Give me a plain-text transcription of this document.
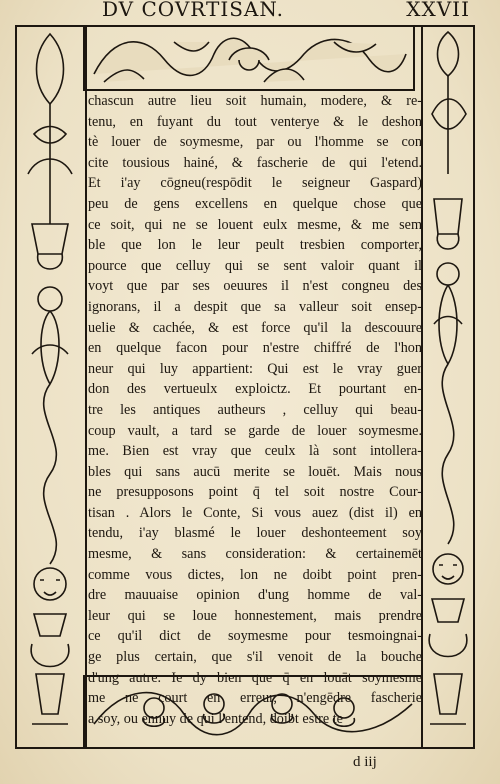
DV COVRTISAN.	XXVII
chascun autre lieu soit humain, modere, & re-
tenu, en fuyant du tout venterye & le deshon
tè louer de soymesme, par ou l'homme se con
cite tousious hainé, & fascherie de qui l'etend.
Et i'ay cōgneu(respōdit le seigneur Gaspard)
peu de gens excellens en quelque chose que
ce soit, qui ne se louent eulx mesme, & me sem
ble que lon le leur peult tresbien comporter,
pource que celluy qui se sent valoir quant il
voyt que par ses oeuures il n'est congneu des
ignorans, il a despit que sa valleur soit ensep-
uelie & cachée, & est force qu'il la descouure
en quelque facon pour n'estre chiffré de l'hon
neur qui luy appartient: Qui est le vray guer
don des vertueulx exploictz. Et pourtant en-
tre les antiques autheurs , celluy qui beau-
coup vault, a tard se garde de louer soymesme.
me. Bien est vray que ceulx là sont intollera-
bles qui sans aucū merite se louēt. Mais nous
ne presupposons point q̄ tel soit nostre Cour-
tisan . Alors le Conte, Si vous auez (dist il) en
tendu, i'ay blasmé le louer deshonteement soy
mesme, & sans consideration: & certainemēt
comme vous dictes, lon ne doibt point pren-
dre mauuaise opinion d'ung homme de val-
leur qui se loue honnestement, mais prendre
ce qu'il dict de soymesme pour tesmoingnai-
ge plus certain, que s'il venoit de la bouche
d'ung autre. Ie dy bien que q̄ en louāt soymesme
me ne court en erreur, n'engēdre fascherie
a soy, ou ennuy de qui l'entend, doibt estre te
d iij
